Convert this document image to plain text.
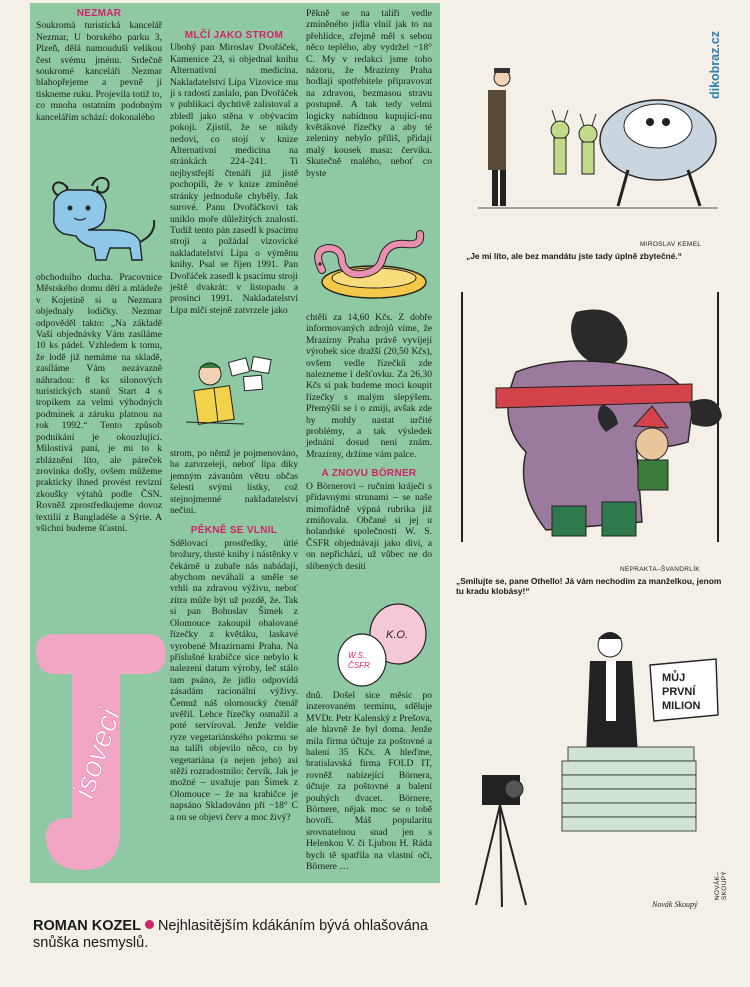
dikobraz.cz
NEZMAR

Soukromá turistická kancelář Nezmar, U borského parku 3, Plzeň, dělá namouduši velikou čest svému jménu. Srdečně soukromé kanceláři Nezmar blahopřejeme a pevně jí tiskneme ruku. Projevila totiž to, co mnoha ostatním podobným kancelářím schází: dokonalého

obchodního ducha. Pracovnice Městského domu dětí a mládeže v Kojetíně si u Nezmara objednaly lodičky. Nezmar odpověděl takto: „Na základě Vaší objednávky Vám zasíláme 10 ks pádel. Vzhledem k tomu, že lodě již nemáme na skladě, zasíláme Vám nezávazně náhradou: 8 ks silonových turistických stanů Start 4 s tropikem za velmi výhodných podmínek a záruku platnou na rok 1992.“ Tento způsob podnikání je okouzlující. Milostivá paní, je mi to k zbláznění líto, ale páreček zrovinka došly, ovšem můžeme prakticky ihned provést revizní zkoušky výtahů podle ČSN. Rovněž zprostředkujeme dovoz textilií z Bangladéše a Sýrie. A všichni budeme šťastní.

MLČÍ JAKO STROM

Ubohý pan Miroslav Dvořáček, Kamenice 23, si objednal knihu Alternativní medicína. Nakladatelství Lípa Vizovice mu ji s radostí zaslalo, pan Dvořáček v publikaci dychtivě zalistoval a zbledl jako stěna v obývacím pokoji. Zjistil, že se nikdy nedoví, co stojí v knize Alternativní medicína na stránkách 224–241. Ti nejbystřejší čtenáři již jistě pochopili, že v knize zmíněné stránky jednoduše chyběly. Jak surové. Panu Dvořáčkovi tak uniklo moře důležitých znalostí. Tudíž tento pán zasedl k psacímu stroji a požádal vizovické nakladatelství Lípa o výměnu knihy. Psal se říjen 1991. Pan Dvořáček zasedl k psacímu stroji ještě dvakrát: v listopadu a prosinci 1991. Nakladatelství Lípa mlčí stejně zatvrzele jako

strom, po němž je pojmenováno, ba zatvrzeleji, neboť lípa díky jemným závanům větru občas šelestí svými lístky, což stejnojmenné nakladatelství nečiní.

PĚKNĚ SE VLNIL

Sdělovací prostředky, útlé brožury, tlusté knihy i nástěnky v čekárně u zubaře nás nabádají, abychom neváhali a směle se vrhli na zdravou výživu, neboť zítra může být už pozdě, že. Tak si pan Bohuslav Šimek z Olomouce zakoupil obalované řízečky z květáku, laskavé vyrobené Mrazírnami Praha. Na příslušné krabičce sice nebylo k nalezení datum výroby, leč stálo tam psáno, že jídlo odpovídá zásadám racionální výživy. Čemuž náš olomoucký čtenář uvěřil. Lehce řízečky osmažil a poté servíroval. Jenže veldie ryze vegetariánského pokrmu se na talíři objevilo něco, co by vegetariána (a nejen jeho) asi stěží rozradostnilo: červík. Jak je možné – uvažuje pan Šimek z Olomouce – že na krabičce je napsáno Skladováno při −18° C a on se objeví červ a moc živý?

Pěkně se na talíři vedle zmíněného jídla vlnil jak to na přehlídce, zřejmě měl s sebou něco teplého, aby vydržel −18° C. My v redakci jsme toho názoru, že Mrazírny Praha hodlají spotřebitele připravovat na zdravou, bezmasou stravu postupně. A tak tedy velmi logicky nabídnou kupující-mu květákové řízečky a aby té zeleniny nebylo příliš, přidají malý kousek masa: červíka. Skutečně malého, neboť co byste

chtěli za 14,60 Kčs. Z dobře informovaných zdrojů víme, že Mrazírny Praha právě vyvíjejí výrobek sice dražší (20,50 Kčs), ovšem vedle řízečků zde nalezneme i dešťovku. Za 26,30 Kčs si pak budeme moci koupit řízečky s malým slepýšem. Přemýšlí se i o zmiji, avšak zde by mohly nastat určité problémy, a tak výsledek jednání dosud není znám. Mrazírny, držíme vám palce.

A ZNOVU BÖRNER

O Börnerovi – ručním kráječi s přídavnými strunami – se naše mimořádně výpná rubrika již zmiňovala. Občané si jej u holandské společnosti W. S. ČSFR objednávají jako divi, a on nepřichází, už vůbec ne do slíbených desíti

K.O.
W.S.
ČSFR

dnů. Došel sice měsíc po inzerovaném termínu, sděluje MVDr. Petr Kalenský z Prešova, ale hlavně že byl doma. Jenže mila firma účtuje za poštovné a balení 35 Kčs. A hleďme, bratislavská firma FOLD IT, rovněž nabízející Börnera, účtuje za poštovné a balení pouhých dvacet. Börnere, Börnere, nějak moc se o tobě hovoří. Máš popularitu srovnatelnou snad jen s Helenkou V. či Ljubou H. Ráda bych tě spatřila na vlastní oči, Börnere …

isoveci
MIROSLAV KEMEL
„Je mi líto, ale bez mandátu jste tady úplně zbytečné.“
NEPRAKTA–ŠVANDRLÍK
„Smilujte se, pane Othello! Já vám nechodím za manželkou, jenom tu kradu klobásy!“
MŮJ
PRVNÍ
MILION
Novák Skoupý
NOVÁK–SKOUPÝ
ROMAN KOZEL Nejhlasitějším kdákáním bývá ohlašována snůška nesmyslů.
